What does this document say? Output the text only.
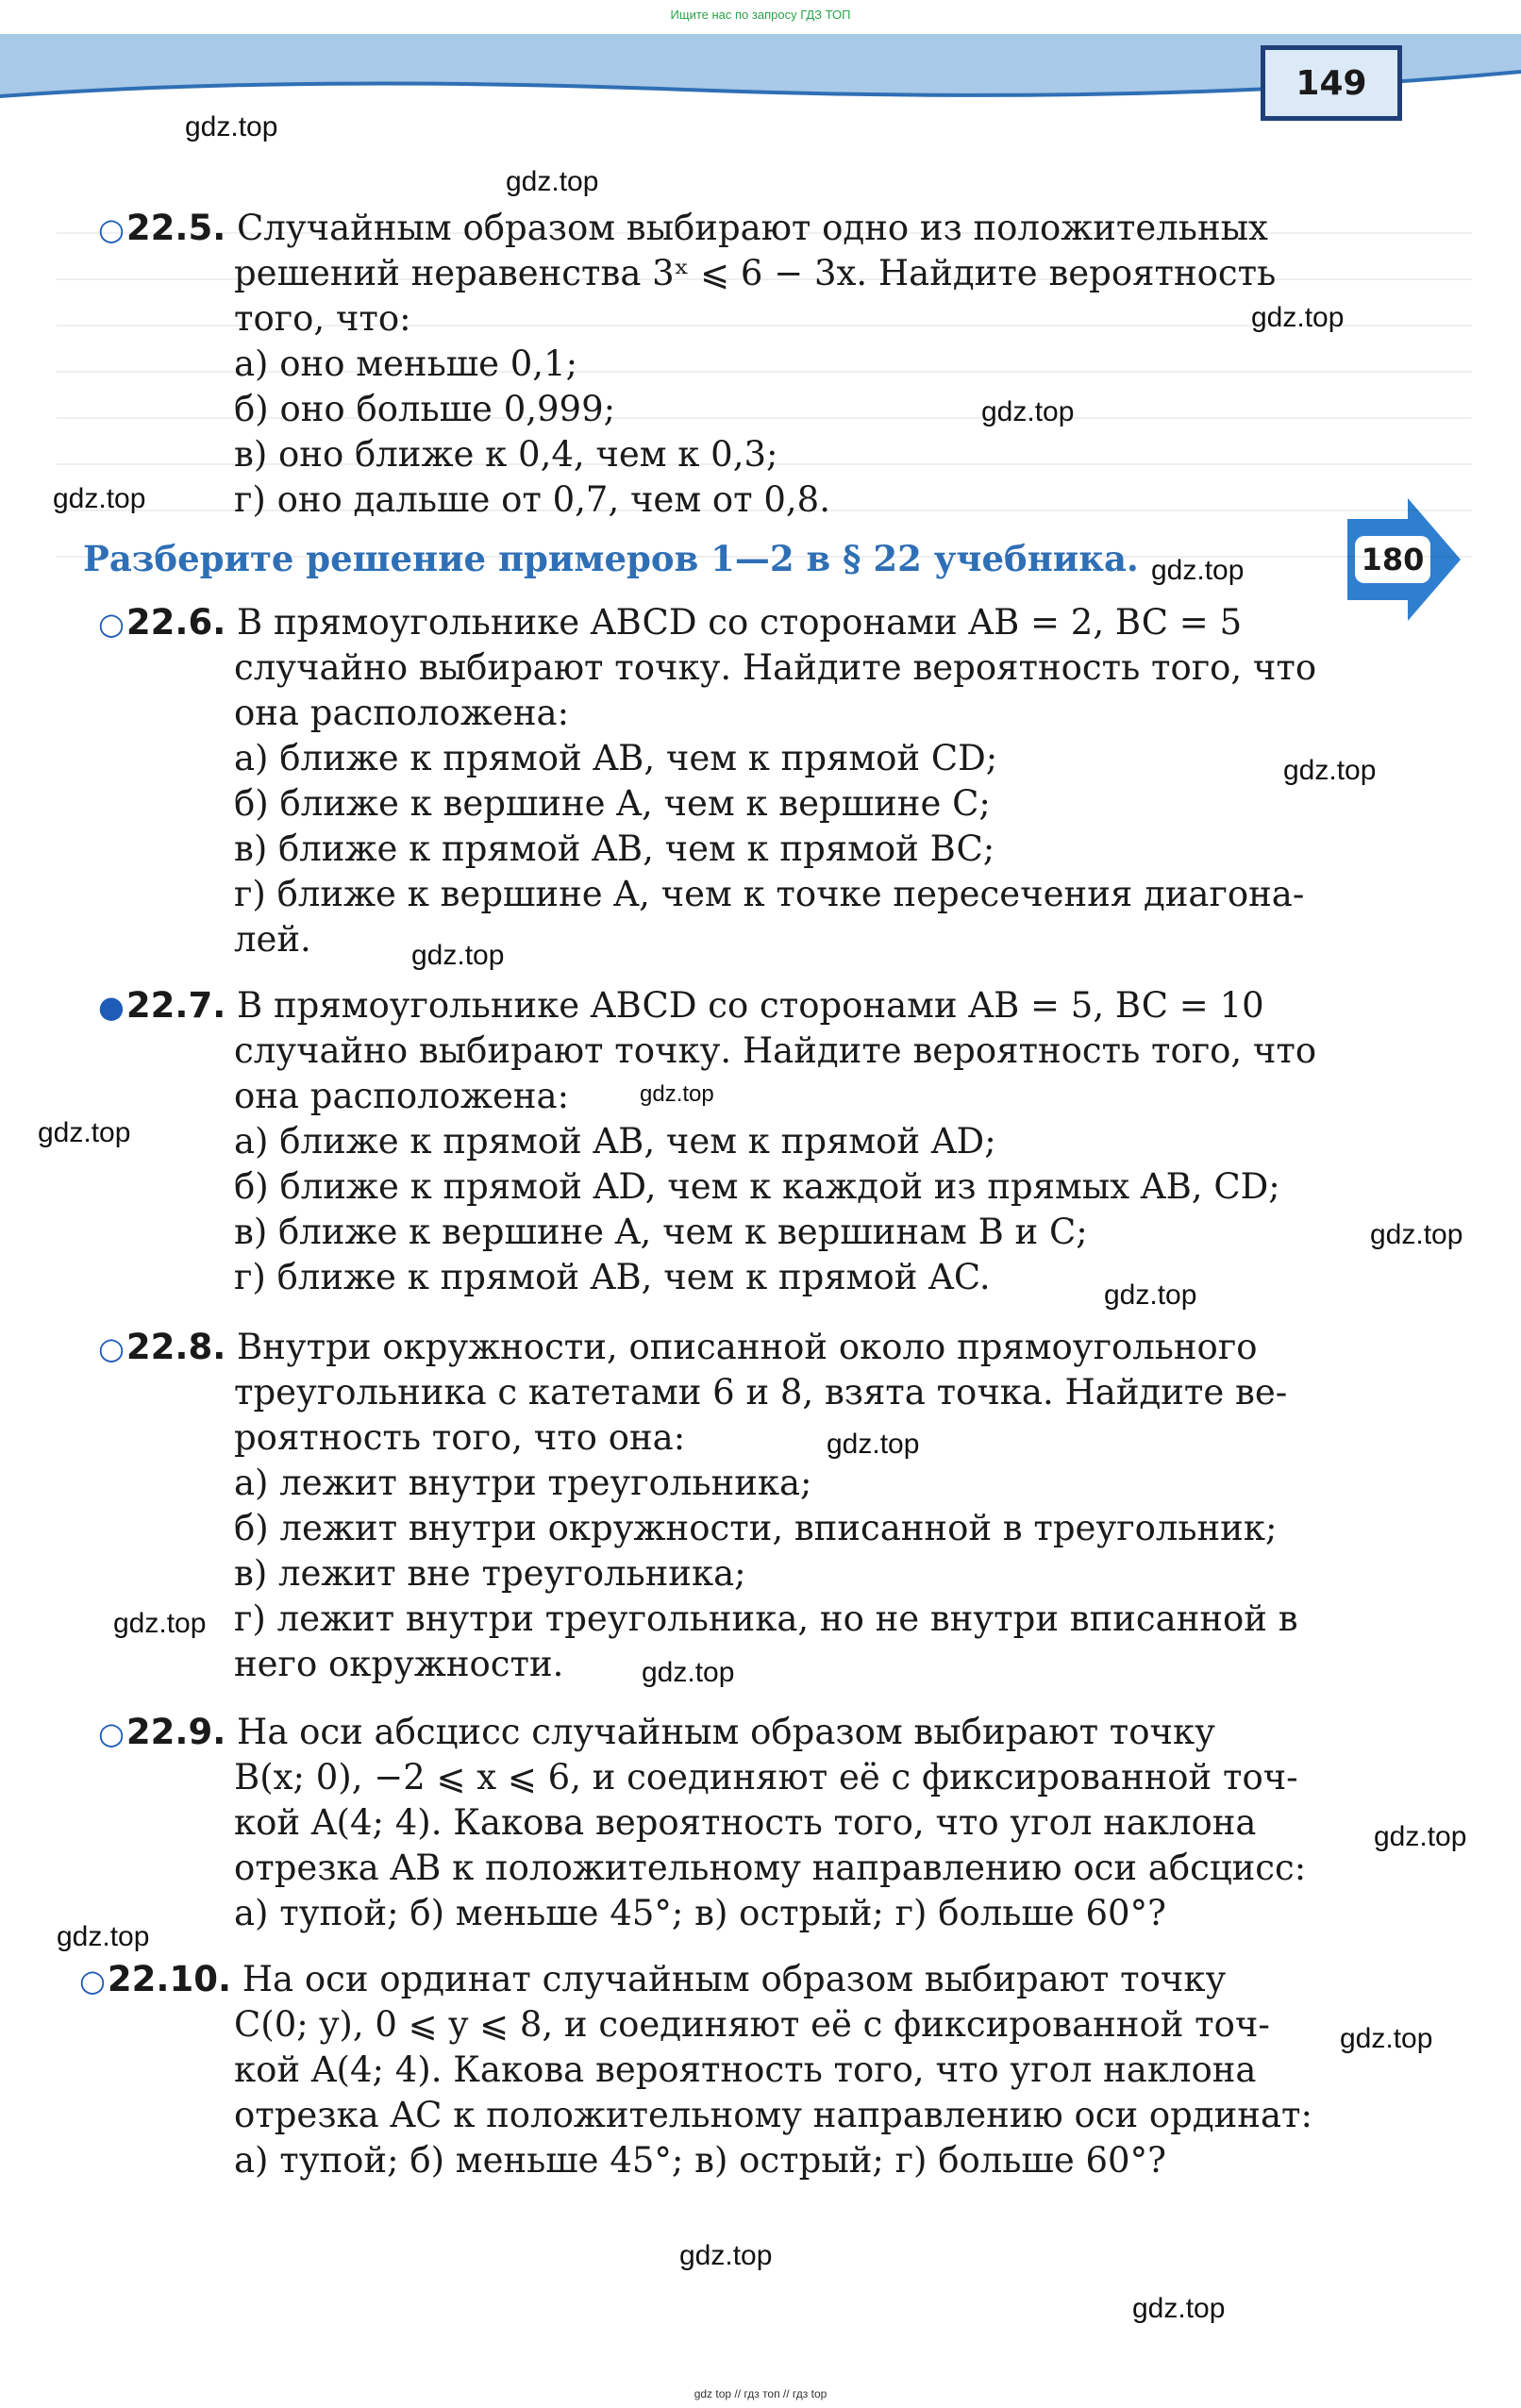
Ищите нас по запросу ГДЗ ТОП
149
180
○22.5. Случайным образом выбирают одно из положительных
решений неравенства 3ˣ ⩽ 6 − 3x. Найдите вероятность
того, что:
а) оно меньше 0,1;
б) оно больше 0,999;
в) оно ближе к 0,4, чем к 0,3;
г) оно дальше от 0,7, чем от 0,8.
Разберите решение примеров 1—2 в § 22 учебника.
○22.6. В прямоугольнике ABCD со сторонами AB = 2, BC = 5
случайно выбирают точку. Найдите вероятность того, что
она расположена:
а) ближе к прямой AB, чем к прямой CD;
б) ближе к вершине A, чем к вершине C;
в) ближе к прямой AB, чем к прямой BC;
г) ближе к вершине A, чем к точке пересечения диагона-
лей.
●22.7. В прямоугольнике ABCD со сторонами AB = 5, BC = 10
случайно выбирают точку. Найдите вероятность того, что
она расположена:
а) ближе к прямой AB, чем к прямой AD;
б) ближе к прямой AD, чем к каждой из прямых AB, CD;
в) ближе к вершине A, чем к вершинам B и C;
г) ближе к прямой AB, чем к прямой AC.
○22.8. Внутри окружности, описанной около прямоугольного
треугольника с катетами 6 и 8, взята точка. Найдите ве-
роятность того, что она:
а) лежит внутри треугольника;
б) лежит внутри окружности, вписанной в треугольник;
в) лежит вне треугольника;
г) лежит внутри треугольника, но не внутри вписанной в
него окружности.
○22.9. На оси абсцисс случайным образом выбирают точку
B(x; 0), −2 ⩽ x ⩽ 6, и соединяют её с фиксированной точ-
кой A(4; 4). Какова вероятность того, что угол наклона
отрезка AB к положительному направлению оси абсцисс:
а) тупой; б) меньше 45°; в) острый; г) больше 60°?
○22.10. На оси ординат случайным образом выбирают точку
C(0; y), 0 ⩽ y ⩽ 8, и соединяют её с фиксированной точ-
кой A(4; 4). Какова вероятность того, что угол наклона
отрезка AC к положительному направлению оси ординат:
а) тупой; б) меньше 45°; в) острый; г) больше 60°?
gdz.top
gdz.top
gdz.top
gdz.top
gdz.top
gdz.top
gdz.top
gdz.top
gdz.top
gdz.top
gdz.top
gdz.top
gdz.top
gdz.top
gdz.top
gdz.top
gdz.top
gdz.top
gdz.top
gdz.top
gdz top // гдз топ // гдз top
